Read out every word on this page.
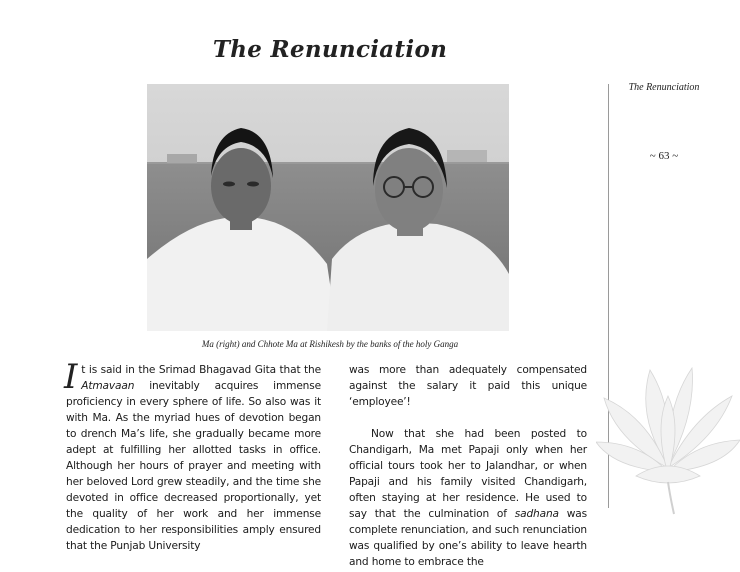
The Renunciation
The Renunciation
~ 63 ~
Ma (right) and Chhote Ma at Rishikesh by the banks of the holy Ganga

It is said in the Srimad Bhagavad Gita that the Atmavaan inevitably acquires immense proficiency in every sphere of life. So also was it with Ma. As the myriad hues of devotion began to drench Ma’s life, she gradually became more adept at fulfilling her allotted tasks in office. Although her hours of prayer and meeting with her beloved Lord grew steadily, and the time she devoted in office decreased proportionally, yet the quality of her work and her immense dedication to her responsibilities amply ensured that the Punjab University

was more than adequately compensated against the salary it paid this unique ‘employee’!

Now that she had been posted to Chandigarh, Ma met Papaji only when her official tours took her to Jalandhar, or when Papaji and his family visited Chandigarh, often staying at her residence. He used to say that the culmination of sadhana was complete renunciation, and such renunciation was qualified by one’s ability to leave hearth and home to embrace the
